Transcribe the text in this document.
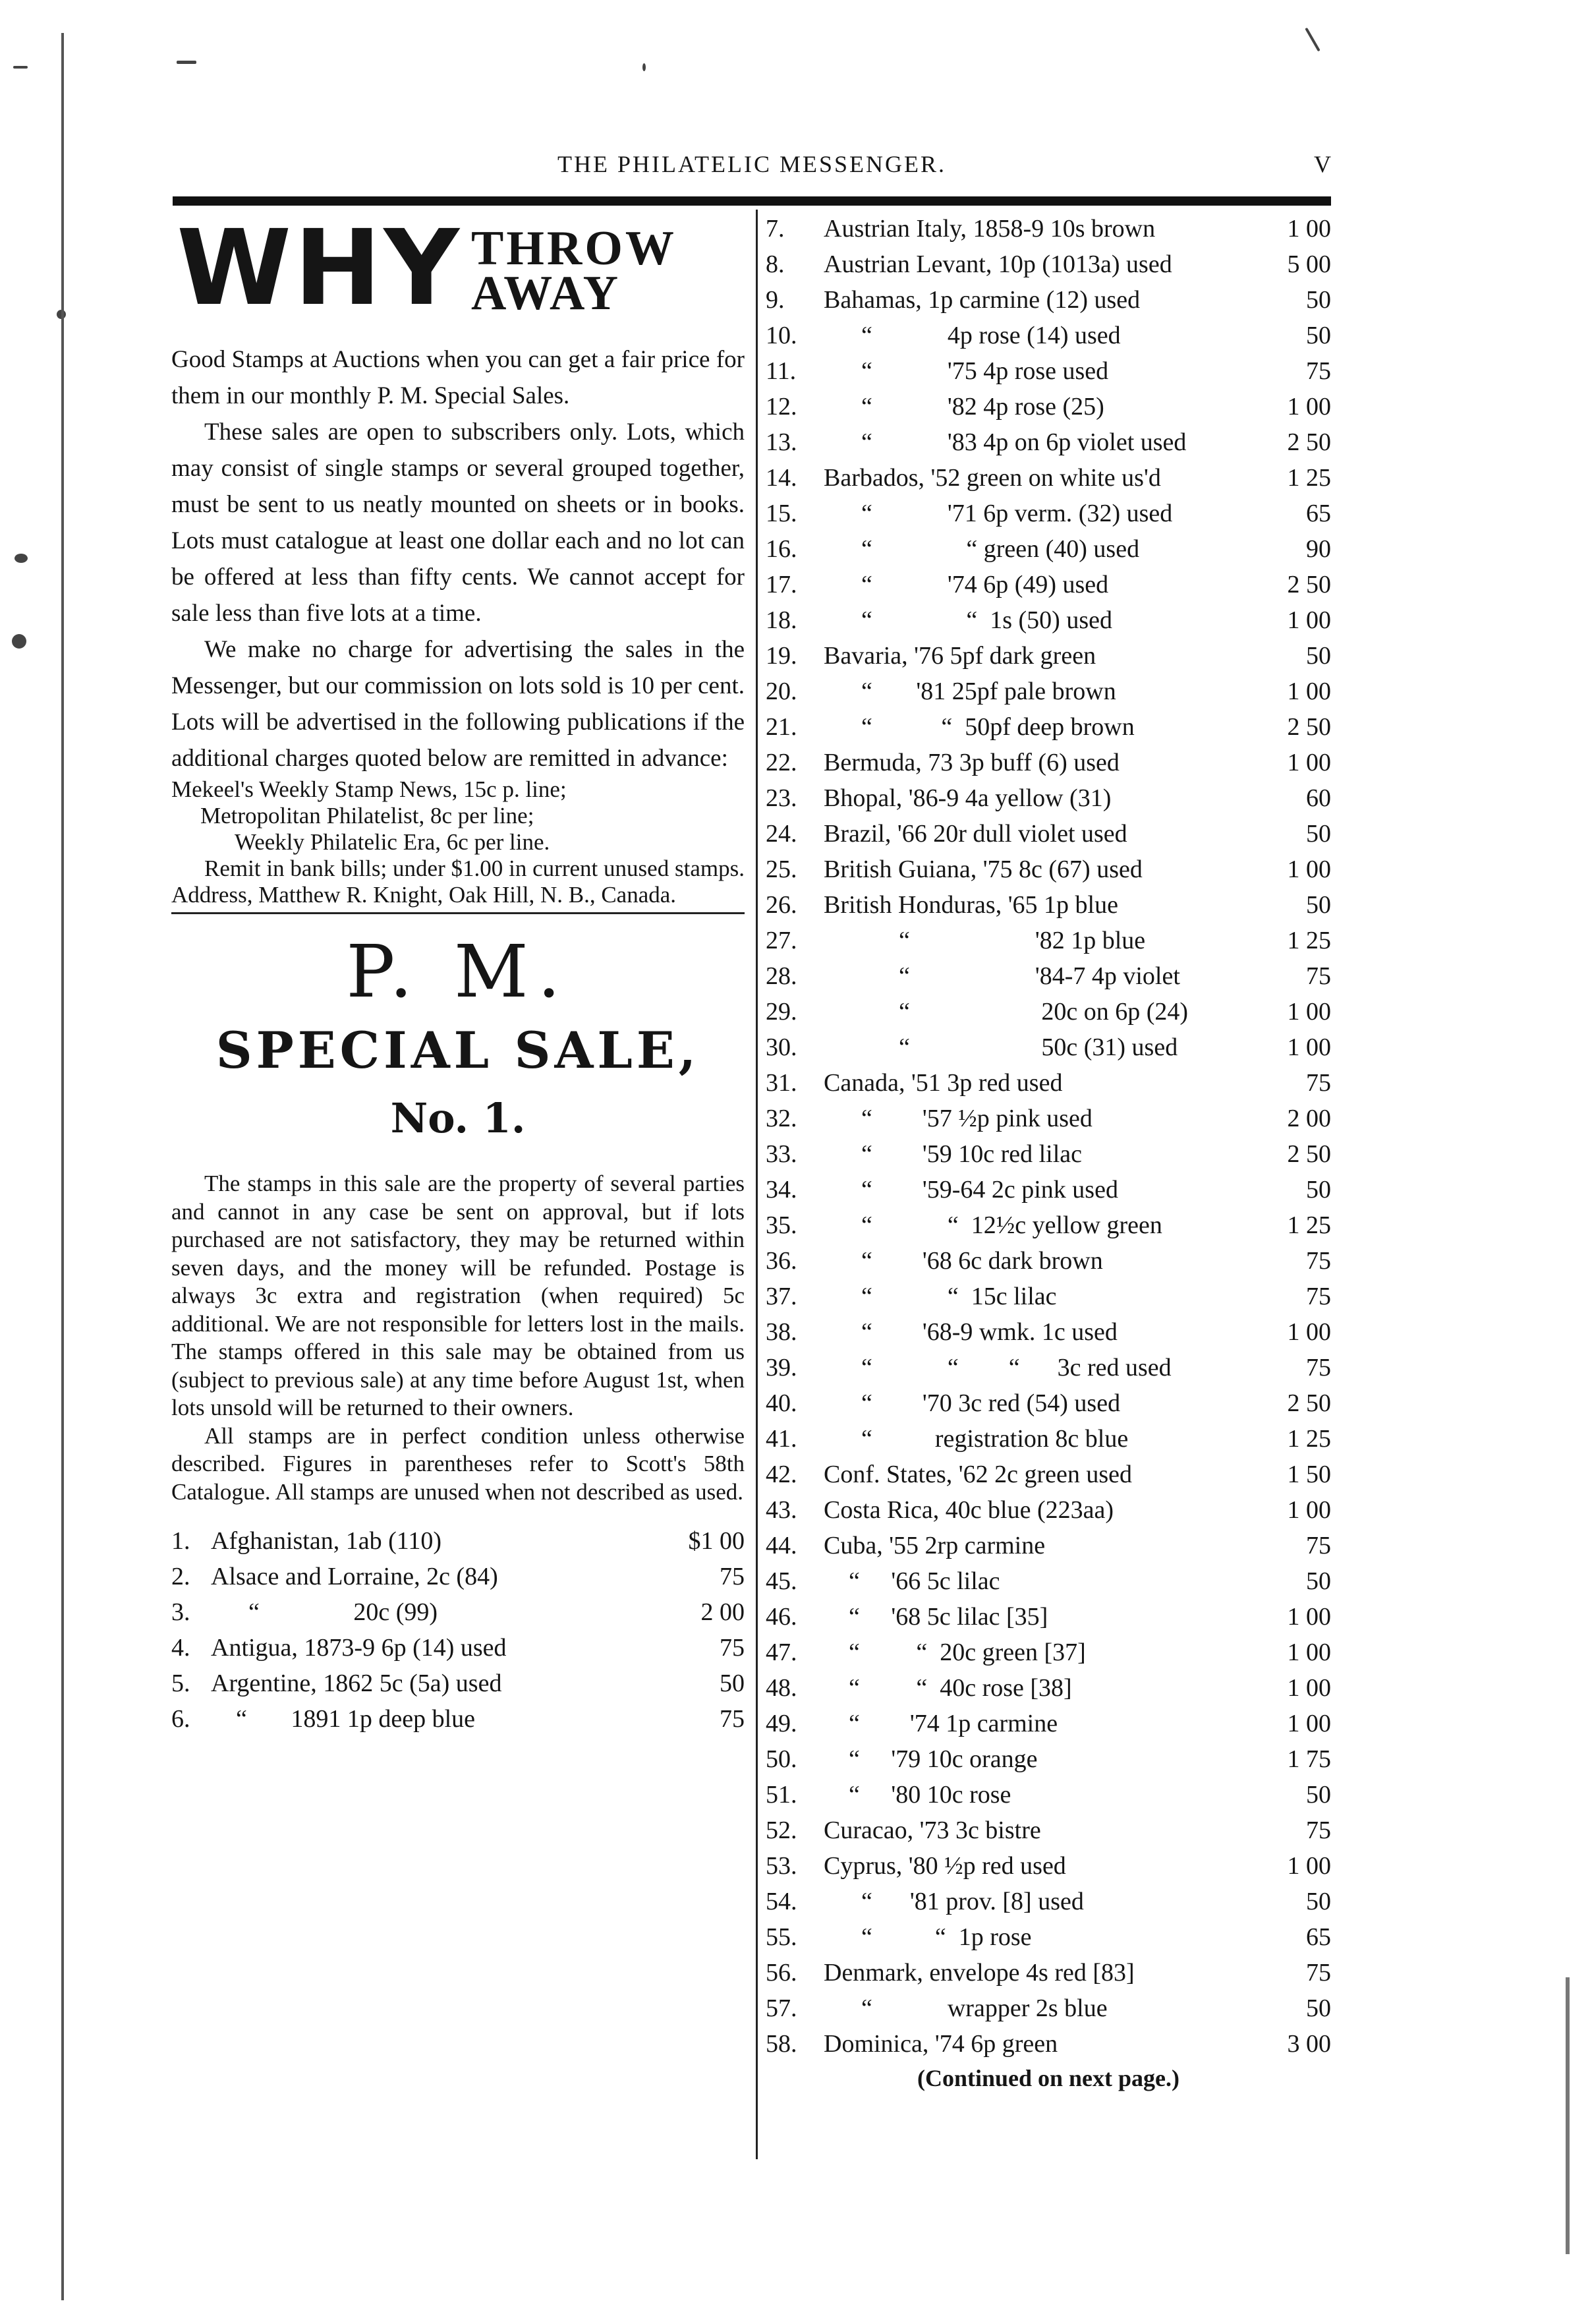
THE PHILATELIC MESSENGER.	V
WHY THROW
AWAY

Good Stamps at Auctions when you can get a fair price for them in our monthly P. M. Special Sales.

These sales are open to subscribers only. Lots, which may consist of single stamps or several grouped together, must be sent to us neatly mounted on sheets or in books. Lots must catalogue at least one dollar each and no lot can be offered at less than fifty cents. We cannot accept for sale less than five lots at a time.

We make no charge for advertising the sales in the Messenger, but our commission on lots sold is 10 per cent. Lots will be advertised in the following publications if the additional charges quoted below are remitted in advance:

Mekeel's Weekly Stamp News, 15c p. line;

Metropolitan Philatelist, 8c per line;

Weekly Philatelic Era, 6c per line.

Remit in bank bills; under $1.00 in current unused stamps. Address, Matthew R. Knight, Oak Hill, N. B., Canada.

P. M.
SPECIAL SALE,
No. 1.

The stamps in this sale are the property of several parties and cannot in any case be sent on approval, but if lots purchased are not satisfactory, they may be returned within seven days, and the money will be refunded. Postage is always 3c extra and registration (when required) 5c additional. We are not responsible for letters lost in the mails. The stamps offered in this sale may be obtained from us (subject to previous sale) at any time before August 1st, when lots unsold will be returned to their owners.

All stamps are in perfect condition unless otherwise described. Figures in parentheses refer to Scott's 58th Catalogue. All stamps are unused when not described as used.

1. Afghanistan, 1ab (110)	$1 00
2. Alsace and Lorraine, 2c (84)	75
3. “               20c (99)	2 00
4. Antigua, 1873-9 6p (14) used	75
5. Argentine, 1862 5c (5a) used	50
6. “       1891 1p deep blue	75
7.	Austrian Italy, 1858-9 10s brown	1 00
8.	Austrian Levant, 10p (1013a) used	5 00
9.	Bahamas, 1p carmine (12) used	50
10.	“            4p rose (14) used	50
11.	“            '75 4p rose used	75
12.	“            '82 4p rose (25)	1 00
13.	“            '83 4p on 6p violet used	2 50
14.	Barbados, '52 green on white us'd	1 25
15.	“            '71 6p verm. (32) used	65
16.	“               “ green (40) used	90
17.	“            '74 6p (49) used	2 50
18.	“               “  1s (50) used	1 00
19.	Bavaria, '76 5pf dark green	50
20.	“       '81 25pf pale brown	1 00
21.	“           “  50pf deep brown	2 50
22.	Bermuda, 73 3p buff (6) used	1 00
23.	Bhopal, '86-9 4a yellow (31)	60
24.	Brazil, '66 20r dull violet used	50
25.	British Guiana, '75 8c (67) used	1 00
26.	British Honduras, '65 1p blue	50
27.	“                    '82 1p blue	1 25
28.	“                    '84-7 4p violet	75
29.	“                     20c on 6p (24)	1 00
30.	“                     50c (31) used	1 00
31.	Canada, '51 3p red used	75
32.	“        '57 ½p pink used	2 00
33.	“        '59 10c red lilac	2 50
34.	“        '59-64 2c pink used	50
35.	“            “  12½c yellow green	1 25
36.	“        '68 6c dark brown	75
37.	“            “  15c lilac	75
38.	“        '68-9 wmk. 1c used	1 00
39.	“            “        “      3c red used	75
40.	“        '70 3c red (54) used	2 50
41.	“          registration 8c blue	1 25
42.	Conf. States, '62 2c green used	1 50
43.	Costa Rica, 40c blue (223aa)	1 00
44.	Cuba, '55 2rp carmine	75
45.	“     '66 5c lilac	50
46.	“     '68 5c lilac [35]	1 00
47.	“         “  20c green [37]	1 00
48.	“         “  40c rose [38]	1 00
49.	“        '74 1p carmine	1 00
50.	“     '79 10c orange	1 75
51.	“     '80 10c rose	50
52.	Curacao, '73 3c bistre	75
53.	Cyprus, '80 ½p red used	1 00
54.	“      '81 prov. [8] used	50
55.	“          “  1p rose	65
56.	Denmark, envelope 4s red [83]	75
57.	“            wrapper 2s blue	50
58.	Dominica, '74 6p green	3 00
(Continued on next page.)
